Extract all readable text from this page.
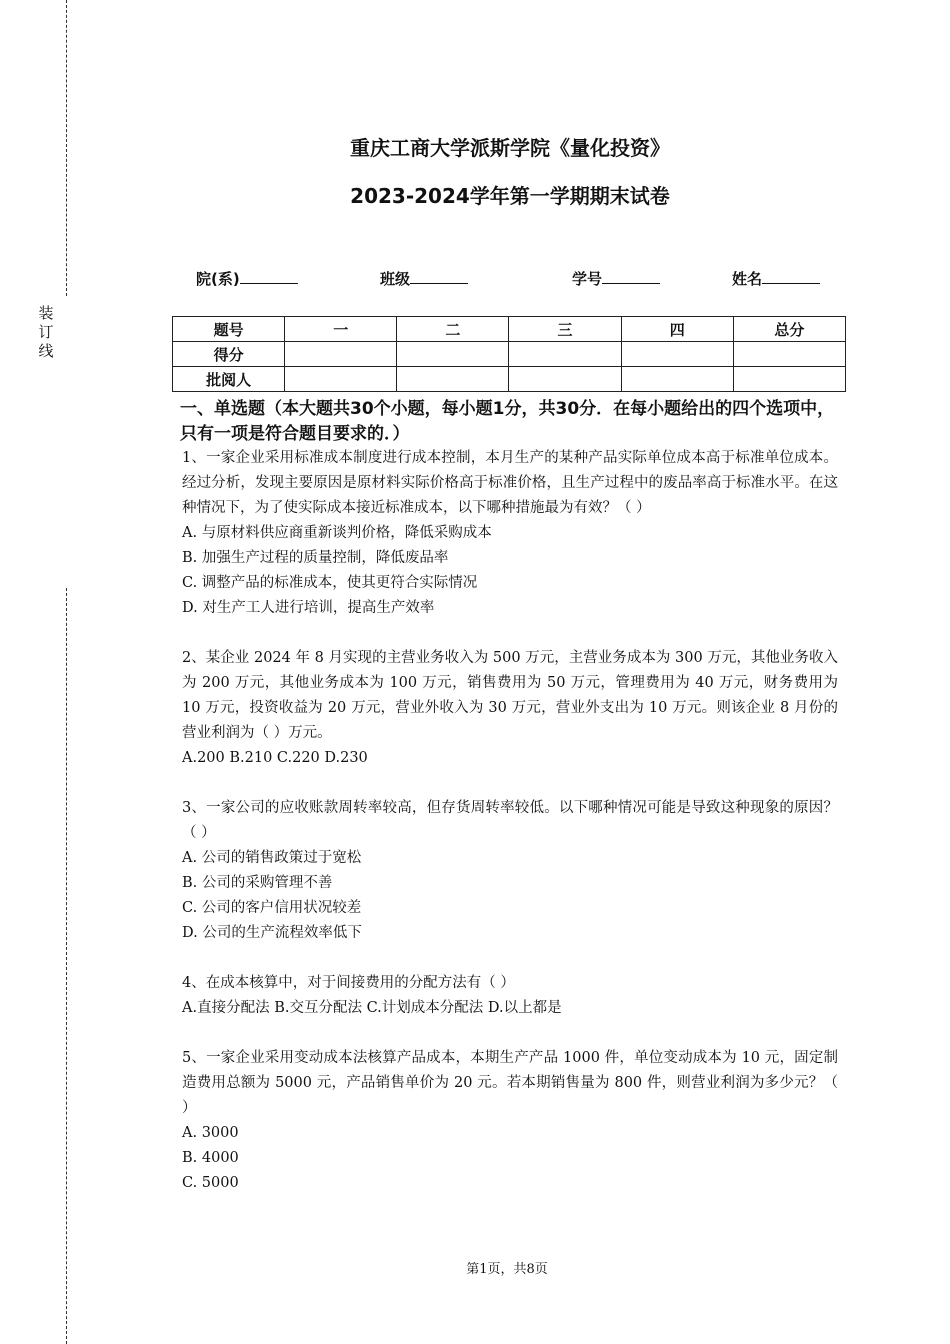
装
订
线
重庆工商大学派斯学院《量化投资》
2023-2024学年第一学期期末试卷
院(系)	班级	学号	姓名
题号	一	二	三	四	总分
得分					
批阅人					
一、单选题（本大题共30个小题，每小题1分，共30分．在每小题给出的四个选项中，只有一项是符合题目要求的．）

1、一家企业采用标准成本制度进行成本控制，本月生产的某种产品实际单位成本高于标准单位成本。经过分析，发现主要原因是原材料实际价格高于标准价格，且生产过程中的废品率高于标准水平。在这种情况下，为了使实际成本接近标准成本，以下哪种措施最为有效？（ ）

A. 与原材料供应商重新谈判价格，降低采购成本

B. 加强生产过程的质量控制，降低废品率

C. 调整产品的标准成本，使其更符合实际情况

D. 对生产工人进行培训，提高生产效率

2、某企业 2024 年 8 月实现的主营业务收入为 500 万元，主营业务成本为 300 万元，其他业务收入为 200 万元，其他业务成本为 100 万元，销售费用为 50 万元，管理费用为 40 万元，财务费用为 10 万元，投资收益为 20 万元，营业外收入为 30 万元，营业外支出为 10 万元。则该企业 8 月份的营业利润为（ ）万元。

A.200 B.210 C.220 D.230

3、一家公司的应收账款周转率较高，但存货周转率较低。以下哪种情况可能是导致这种现象的原因？（ ）

A. 公司的销售政策过于宽松

B. 公司的采购管理不善

C. 公司的客户信用状况较差

D. 公司的生产流程效率低下

4、在成本核算中，对于间接费用的分配方法有（ ）

A.直接分配法 B.交互分配法 C.计划成本分配法 D.以上都是

5、一家企业采用变动成本法核算产品成本，本期生产产品 1000 件，单位变动成本为 10 元，固定制造费用总额为 5000 元，产品销售单价为 20 元。若本期销售量为 800 件，则营业利润为多少元？（ ）

A. 3000

B. 4000

C. 5000

第1页，共8页
